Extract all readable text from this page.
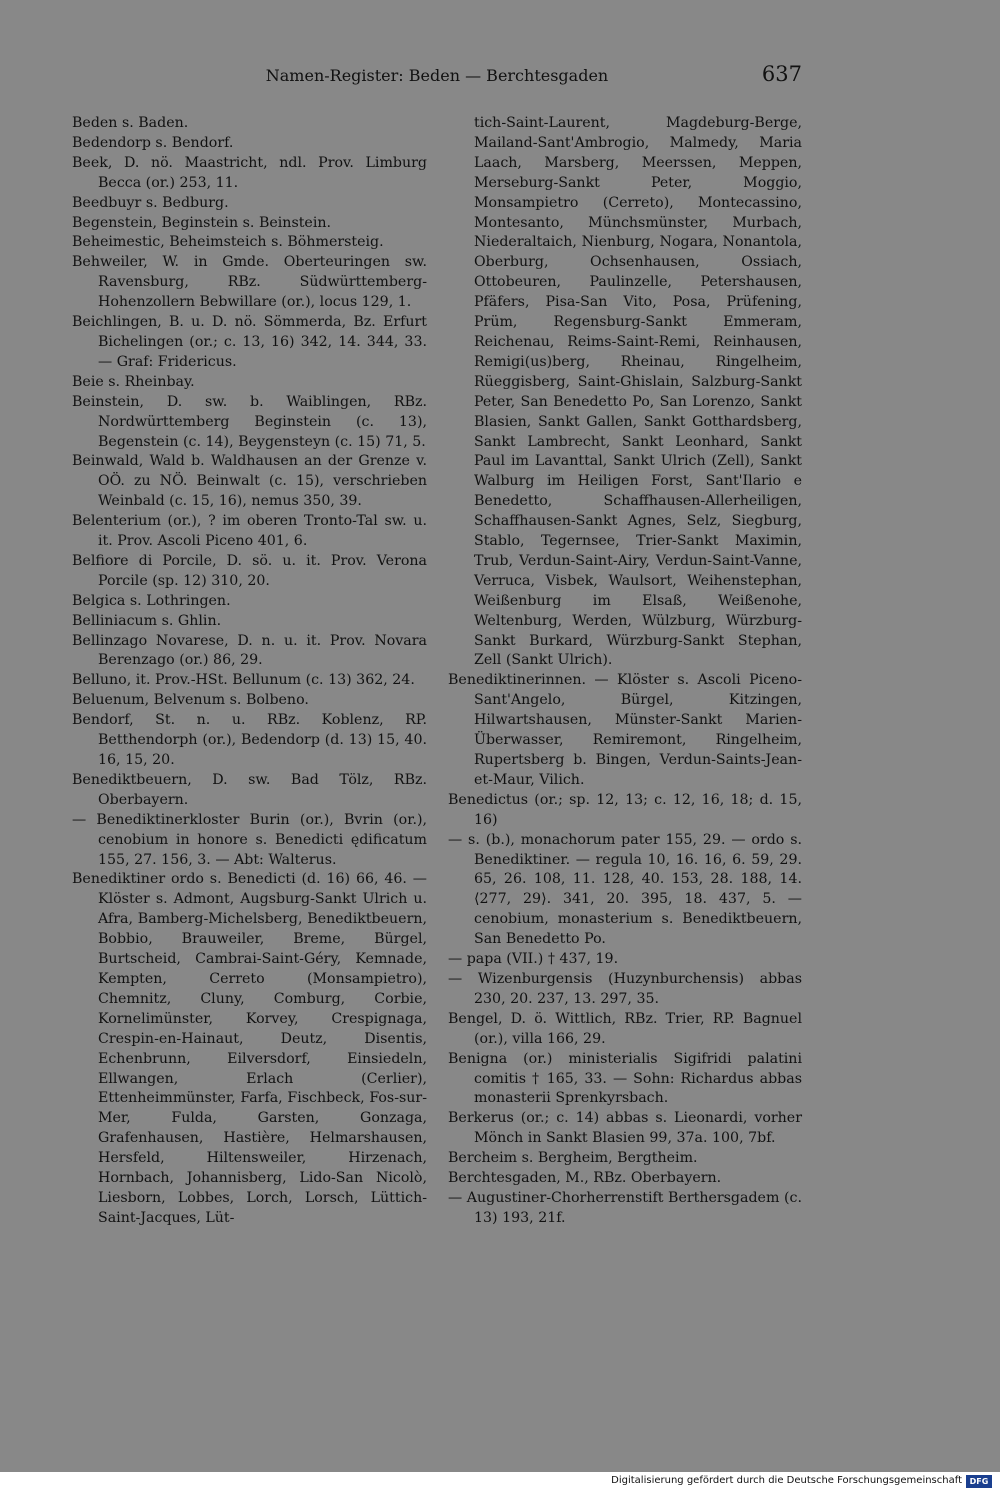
Namen-Register: Beden — Berchtesgaden	637

Beden s. Baden.

Bedendorp s. Bendorf.

Beek, D. nö. Maastricht, ndl. Prov. Limburg Becca (or.) 253, 11.

Beedbuyr s. Bedburg.

Begenstein, Beginstein s. Beinstein.

Beheimestic, Beheimsteich s. Böhmersteig.

Behweiler, W. in Gmde. Oberteuringen sw. Ravensburg, RBz. Südwürttemberg-Hohenzollern Bebwillare (or.), locus 129, 1.

Beichlingen, B. u. D. nö. Sömmerda, Bz. Erfurt Bichelingen (or.; c. 13, 16) 342, 14. 344, 33. — Graf: Fridericus.

Beie s. Rheinbay.

Beinstein, D. sw. b. Waiblingen, RBz. Nordwürttemberg Beginstein (c. 13), Begenstein (c. 14), Beygensteyn (c. 15) 71, 5.

Beinwald, Wald b. Waldhausen an der Grenze v. OÖ. zu NÖ. Beinwalt (c. 15), verschrieben Weinbald (c. 15, 16), nemus 350, 39.

Belenterium (or.), ? im oberen Tronto-Tal sw. u. it. Prov. Ascoli Piceno 401, 6.

Belfiore di Porcile, D. sö. u. it. Prov. Verona Porcile (sp. 12) 310, 20.

Belgica s. Lothringen.

Belliniacum s. Ghlin.

Bellinzago Novarese, D. n. u. it. Prov. Novara Berenzago (or.) 86, 29.

Belluno, it. Prov.-HSt. Bellunum (c. 13) 362, 24.

Beluenum, Belvenum s. Bolbeno.

Bendorf, St. n. u. RBz. Koblenz, RP. Betthendorph (or.), Bedendorp (d. 13) 15, 40. 16, 15, 20.

Benediktbeuern, D. sw. Bad Tölz, RBz. Oberbayern.

— Benediktinerkloster Burin (or.), Bvrin (or.), cenobium in honore s. Benedicti ędificatum 155, 27. 156, 3. — Abt: Walterus.

Benediktiner ordo s. Benedicti (d. 16) 66, 46. — Klöster s. Admont, Augsburg-Sankt Ulrich u. Afra, Bamberg-Michelsberg, Benediktbeuern, Bobbio, Brauweiler, Breme, Bürgel, Burtscheid, Cambrai-Saint-Géry, Kemnade, Kempten, Cerreto (Monsampietro), Chemnitz, Cluny, Comburg, Corbie, Kornelimünster, Korvey, Crespignaga, Crespin-en-Hainaut, Deutz, Disentis, Echenbrunn, Eilversdorf, Einsiedeln, Ellwangen, Erlach (Cerlier), Ettenheimmünster, Farfa, Fischbeck, Fos-sur-Mer, Fulda, Garsten, Gonzaga, Grafenhausen, Hastière, Helmarshausen, Hersfeld, Hiltensweiler, Hirzenach, Hornbach, Johannisberg, Lido-San Nicolò, Liesborn, Lobbes, Lorch, Lorsch, Lüttich-Saint-Jacques, Lüt-

tich-Saint-Laurent, Magdeburg-Berge, Mailand-Sant'Ambrogio, Malmedy, Maria Laach, Marsberg, Meerssen, Meppen, Merseburg-Sankt Peter, Moggio, Monsampietro (Cerreto), Montecassino, Montesanto, Münchsmünster, Murbach, Niederaltaich, Nienburg, Nogara, Nonantola, Oberburg, Ochsenhausen, Ossiach, Ottobeuren, Paulinzelle, Petershausen, Pfäfers, Pisa-San Vito, Posa, Prüfening, Prüm, Regensburg-Sankt Emmeram, Reichenau, Reims-Saint-Remi, Reinhausen, Remigi(us)berg, Rheinau, Ringelheim, Rüeggisberg, Saint-Ghislain, Salzburg-Sankt Peter, San Benedetto Po, San Lorenzo, Sankt Blasien, Sankt Gallen, Sankt Gotthardsberg, Sankt Lambrecht, Sankt Leonhard, Sankt Paul im Lavanttal, Sankt Ulrich (Zell), Sankt Walburg im Heiligen Forst, Sant'Ilario e Benedetto, Schaffhausen-Allerheiligen, Schaffhausen-Sankt Agnes, Selz, Siegburg, Stablo, Tegernsee, Trier-Sankt Maximin, Trub, Verdun-Saint-Airy, Verdun-Saint-Vanne, Verruca, Visbek, Waulsort, Weihenstephan, Weißenburg im Elsaß, Weißenohe, Weltenburg, Werden, Wülzburg, Würzburg-Sankt Burkard, Würzburg-Sankt Stephan, Zell (Sankt Ulrich).

Benediktinerinnen. — Klöster s. Ascoli Piceno-Sant'Angelo, Bürgel, Kitzingen, Hilwartshausen, Münster-Sankt Marien-Überwasser, Remiremont, Ringelheim, Rupertsberg b. Bingen, Verdun-Saints-Jean-et-Maur, Vilich.

Benedictus (or.; sp. 12, 13; c. 12, 16, 18; d. 15, 16)

— s. (b.), monachorum pater 155, 29. — ordo s. Benediktiner. — regula 10, 16. 16, 6. 59, 29. 65, 26. 108, 11. 128, 40. 153, 28. 188, 14. ⟨277, 29⟩. 341, 20. 395, 18. 437, 5. — cenobium, monasterium s. Benediktbeuern, San Benedetto Po.

— papa (VII.) † 437, 19.

— Wizenburgensis (Huzynburchensis) abbas 230, 20. 237, 13. 297, 35.

Bengel, D. ö. Wittlich, RBz. Trier, RP. Bagnuel (or.), villa 166, 29.

Benigna (or.) ministerialis Sigifridi palatini comitis † 165, 33. — Sohn: Richardus abbas monasterii Sprenkyrsbach.

Berkerus (or.; c. 14) abbas s. Lieonardi, vorher Mönch in Sankt Blasien 99, 37a. 100, 7bf.

Bercheim s. Bergheim, Bergtheim.

Berchtesgaden, M., RBz. Oberbayern.

— Augustiner-Chorherrenstift Berthersgadem (c. 13) 193, 21f.

Digitalisierung gefördert durch die Deutsche Forschungsgemeinschaft DFG
